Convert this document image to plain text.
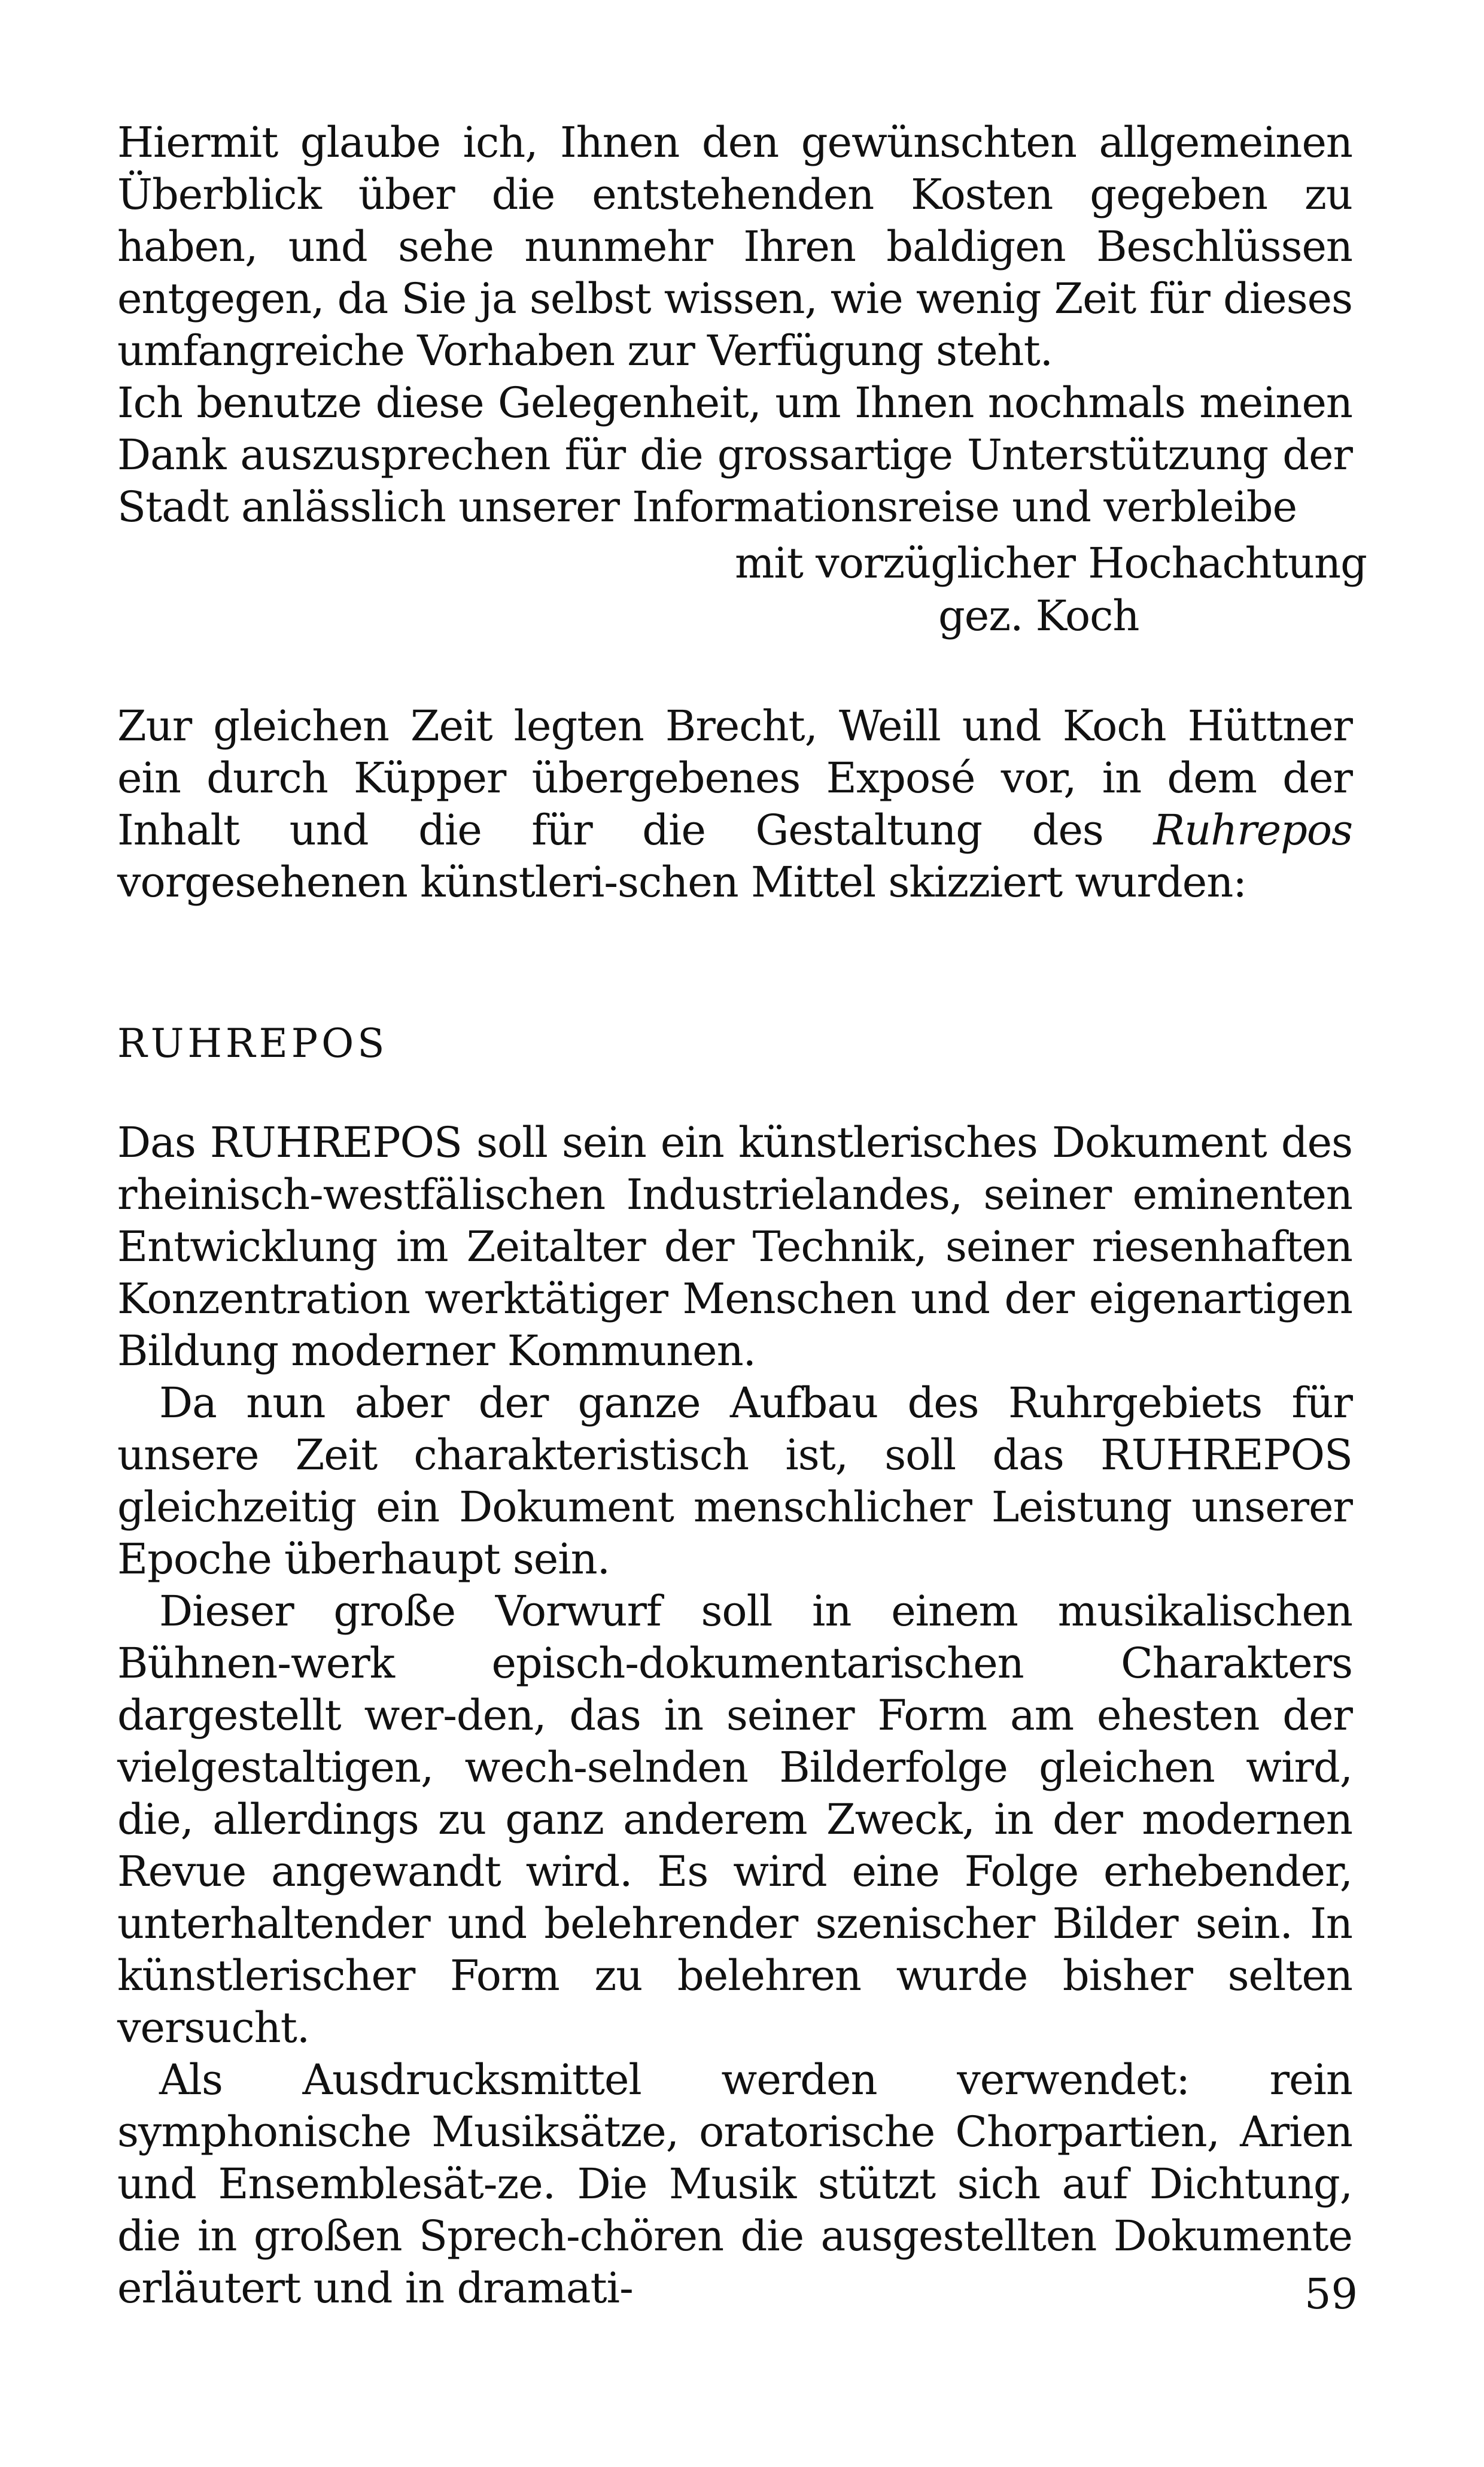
Hiermit glaube ich, Ihnen den gewünschten allgemeinen Überblick über die entstehenden Kosten gegeben zu haben, und sehe nunmehr Ihren baldigen Beschlüssen entgegen, da Sie ja selbst wissen, wie wenig Zeit für dieses umfangreiche Vorhaben zur Verfügung steht.

Ich benutze diese Gelegenheit, um Ihnen nochmals meinen Dank auszusprechen für die grossartige Unterstützung der Stadt anlässlich unserer Informationsreise und verbleibe

mit vorzüglicher Hochachtung
gez. Koch

Zur gleichen Zeit legten Brecht, Weill und Koch Hüttner ein durch Küpper übergebenes Exposé vor, in dem der Inhalt und die für die Gestaltung des Ruhrepos vorgesehenen künstleri-schen Mittel skizziert wurden:

RUHREPOS

Das RUHREPOS soll sein ein künstlerisches Dokument des rheinisch-westfälischen Industrielandes, seiner eminenten Entwicklung im Zeitalter der Technik, seiner riesenhaften Konzentration werktätiger Menschen und der eigenartigen Bildung moderner Kommunen.

Da nun aber der ganze Aufbau des Ruhrgebiets für unsere Zeit charakteristisch ist, soll das RUHREPOS gleichzeitig ein Dokument menschlicher Leistung unserer Epoche überhaupt sein.

Dieser große Vorwurf soll in einem musikalischen Bühnen-werk episch-dokumentarischen Charakters dargestellt wer-den, das in seiner Form am ehesten der vielgestaltigen, wech-selnden Bilderfolge gleichen wird, die, allerdings zu ganz anderem Zweck, in der modernen Revue angewandt wird. Es wird eine Folge erhebender, unterhaltender und belehrender szenischer Bilder sein. In künstlerischer Form zu belehren wurde bisher selten versucht.

Als Ausdrucksmittel werden verwendet: rein symphonische Musiksätze, oratorische Chorpartien, Arien und Ensemblesät-ze. Die Musik stützt sich auf Dichtung, die in großen Sprech-chören die ausgestellten Dokumente erläutert und in dramati-	59
